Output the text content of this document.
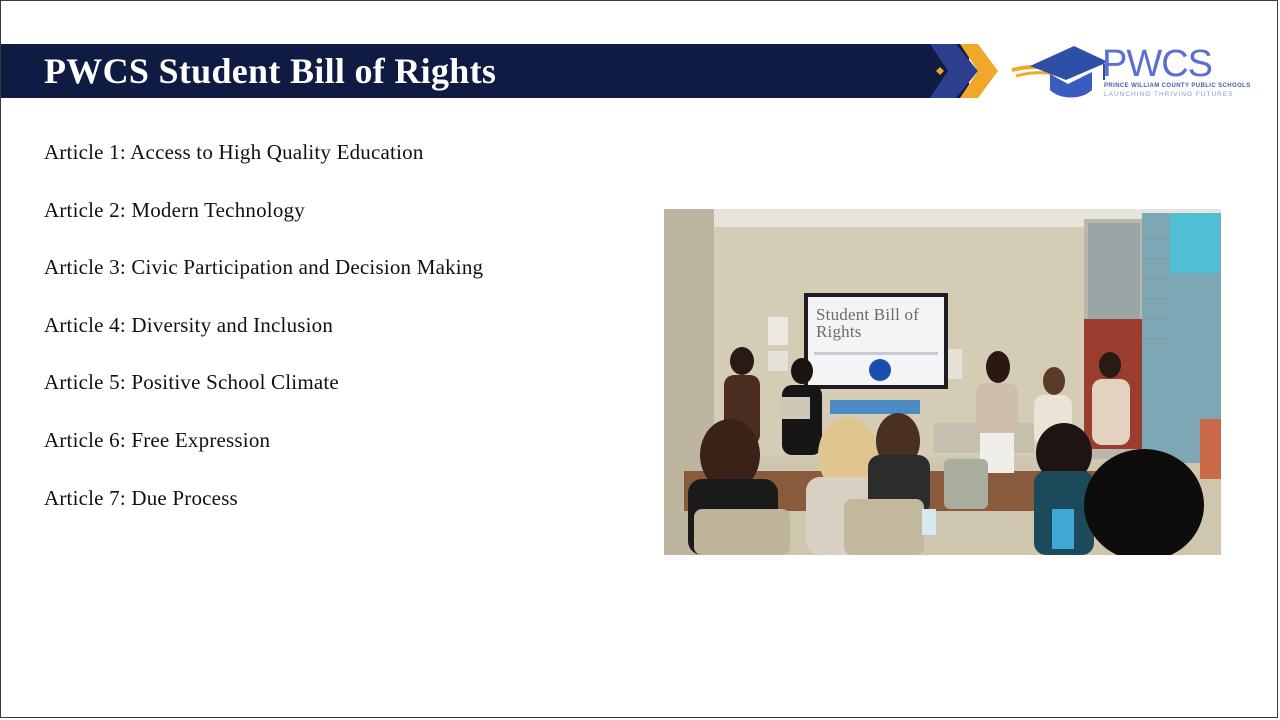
PWCS Student Bill of Rights	PWCS
PRINCE WILLIAM COUNTY PUBLIC SCHOOLS
LAUNCHING THRIVING FUTURES
Article 1: Access to High Quality Education
Article 2: Modern Technology
Article 3: Civic Participation and Decision Making
Article 4: Diversity and Inclusion
Article 5: Positive School Climate
Article 6: Free Expression
Article 7: Due Process
Student Bill of Rights
